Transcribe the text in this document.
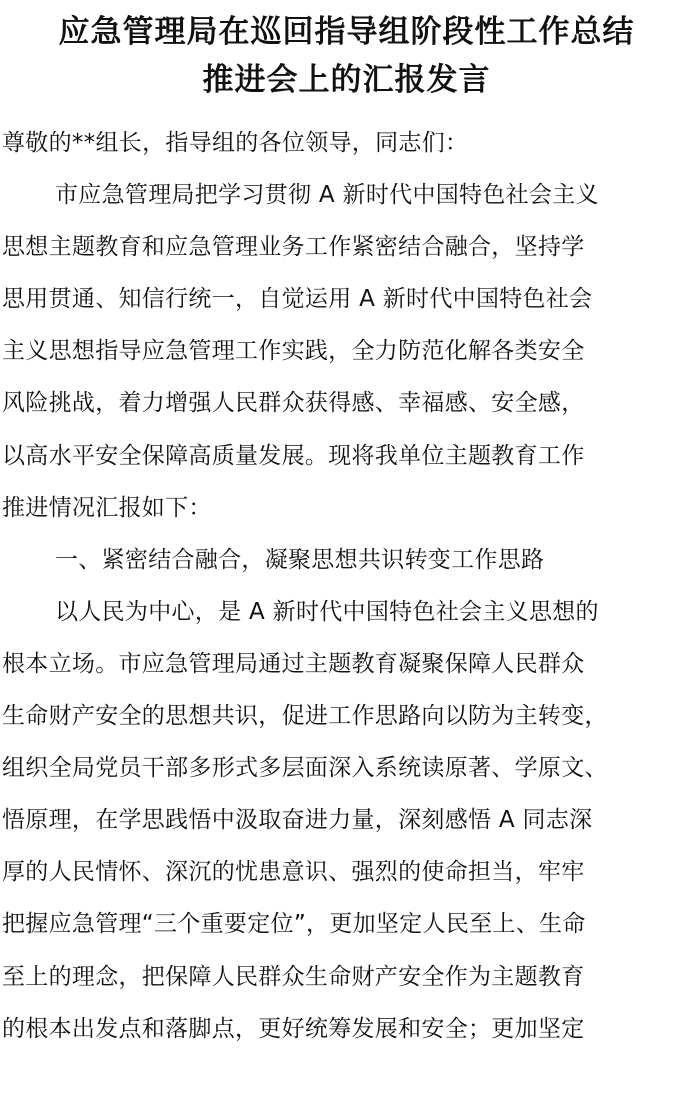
应急管理局在巡回指导组阶段性工作总结
推进会上的汇报发言

尊敬的**组长，指导组的各位领导，同志们：

市应急管理局把学习贯彻 A 新时代中国特色社会主义
思想主题教育和应急管理业务工作紧密结合融合，坚持学
思用贯通、知信行统一，自觉运用 A 新时代中国特色社会
主义思想指导应急管理工作实践，全力防范化解各类安全
风险挑战，着力增强人民群众获得感、幸福感、安全感，
以高水平安全保障高质量发展。现将我单位主题教育工作
推进情况汇报如下：

一、紧密结合融合，凝聚思想共识转变工作思路

以人民为中心，是 A 新时代中国特色社会主义思想的
根本立场。市应急管理局通过主题教育凝聚保障人民群众
生命财产安全的思想共识，促进工作思路向以防为主转变，
组织全局党员干部多形式多层面深入系统读原著、学原文、
悟原理，在学思践悟中汲取奋进力量，深刻感悟 A 同志深
厚的人民情怀、深沉的忧患意识、强烈的使命担当，牢牢
把握应急管理“三个重要定位”，更加坚定人民至上、生命
至上的理念，把保障人民群众生命财产安全作为主题教育
的根本出发点和落脚点，更好统筹发展和安全；更加坚定
